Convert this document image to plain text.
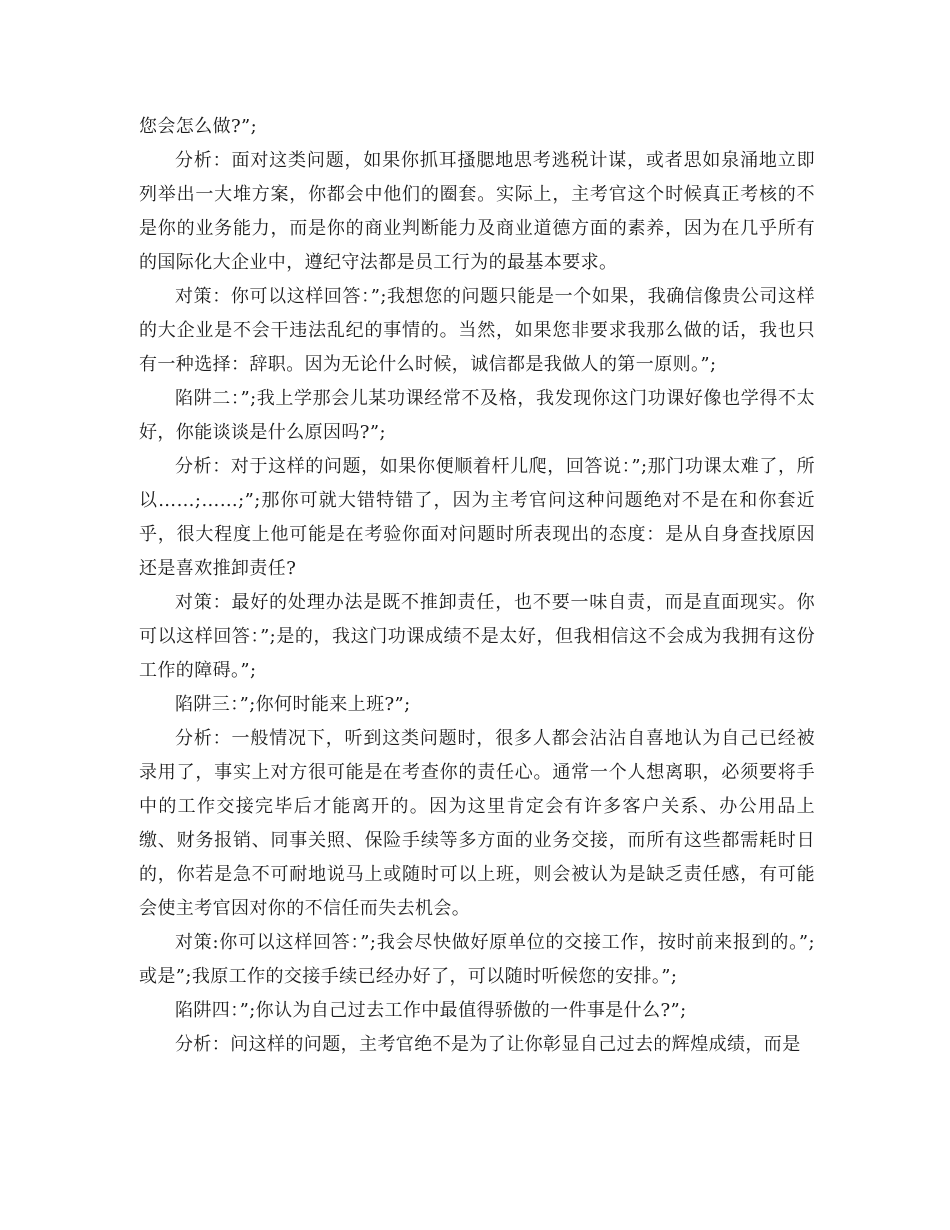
您会怎么做?”;

分析：面对这类问题，如果你抓耳搔腮地思考逃税计谋，或者思如泉涌地立即列举出一大堆方案，你都会中他们的圈套。实际上，主考官这个时候真正考核的不是你的业务能力，而是你的商业判断能力及商业道德方面的素养，因为在几乎所有的国际化大企业中，遵纪守法都是员工行为的最基本要求。

对策：你可以这样回答：”;我想您的问题只能是一个如果，我确信像贵公司这样的大企业是不会干违法乱纪的事情的。当然，如果您非要求我那么做的话，我也只有一种选择：辞职。因为无论什么时候，诚信都是我做人的第一原则。”;

陷阱二：”;我上学那会儿某功课经常不及格，我发现你这门功课好像也学得不太好，你能谈谈是什么原因吗?”;

分析：对于这样的问题，如果你便顺着杆儿爬，回答说：”;那门功课太难了，所以……;……;”;那你可就大错特错了，因为主考官问这种问题绝对不是在和你套近乎，很大程度上他可能是在考验你面对问题时所表现出的态度：是从自身查找原因还是喜欢推卸责任?

对策：最好的处理办法是既不推卸责任，也不要一味自责，而是直面现实。你可以这样回答：”;是的，我这门功课成绩不是太好，但我相信这不会成为我拥有这份工作的障碍。”;

陷阱三：”;你何时能来上班?”;

分析：一般情况下，听到这类问题时，很多人都会沾沾自喜地认为自己已经被录用了，事实上对方很可能是在考查你的责任心。通常一个人想离职，必须要将手中的工作交接完毕后才能离开的。因为这里肯定会有许多客户关系、办公用品上缴、财务报销、同事关照、保险手续等多方面的业务交接，而所有这些都需耗时日的，你若是急不可耐地说马上或随时可以上班，则会被认为是缺乏责任感，有可能会使主考官因对你的不信任而失去机会。

对策:你可以这样回答：”;我会尽快做好原单位的交接工作，按时前来报到的。”;或是”;我原工作的交接手续已经办好了，可以随时听候您的安排。”;

陷阱四：”;你认为自己过去工作中最值得骄傲的一件事是什么?”;

分析：问这样的问题，主考官绝不是为了让你彰显自己过去的辉煌成绩，而是
